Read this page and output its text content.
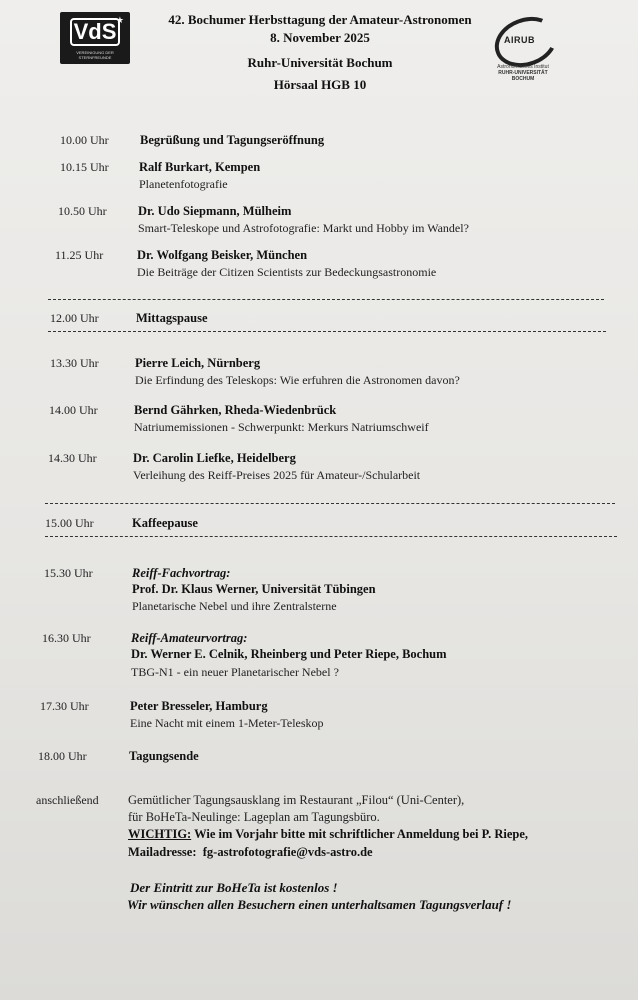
★
VdS
VEREINIGUNG DER STERNFREUNDE
AIRUB
Astronomisches Institut
RUHR-UNIVERSITÄT BOCHUM
42. Bochumer Herbsttagung der Amateur-Astronomen
8. November 2025
Ruhr-Universität Bochum
Hörsaal HGB 10
10.00 Uhr	Begrüßung und Tagungseröffnung
10.15 Uhr Ralf Burkart, Kempen
Planetenfotografie
10.50 Uhr	Dr. Udo Siepmann, Mülheim
Smart-Teleskope und Astrofotografie: Markt und Hobby im Wandel?
11.25 Uhr	Dr. Wolfgang Beisker, München
Die Beiträge der Citizen Scientists zur Bedeckungsastronomie
12.00 Uhr	Mittagspause
13.30 Uhr	Pierre Leich, Nürnberg
Die Erfindung des Teleskops: Wie erfuhren die Astronomen davon?
14.00 Uhr	Bernd Gährken, Rheda-Wiedenbrück
Natriumemissionen - Schwerpunkt: Merkurs Natriumschweif
14.30 Uhr	Dr. Carolin Liefke, Heidelberg
Verleihung des Reiff-Preises 2025 für Amateur-/Schularbeit
15.00 Uhr	Kaffeepause
15.30 Uhr	Reiff-Fachvortrag:
Prof. Dr. Klaus Werner, Universität Tübingen
Planetarische Nebel und ihre Zentralsterne
16.30 Uhr	Reiff-Amateurvortrag:
Dr. Werner E. Celnik, Rheinberg und Peter Riepe, Bochum
TBG-N1 - ein neuer Planetarischer Nebel ?
17.30 Uhr	Peter Bresseler, Hamburg
Eine Nacht mit einem 1-Meter-Teleskop
18.00 Uhr	Tagungsende
anschließend Gemütlicher Tagungsausklang im Restaurant „Filou“ (Uni-Center),
für BoHeTa-Neulinge: Lageplan am Tagungsbüro.
WICHTIG: Wie im Vorjahr bitte mit schriftlicher Anmeldung bei P. Riepe,
Mailadresse: fg-astrofotografie@vds-astro.de
Der Eintritt zur BoHeTa ist kostenlos !
Wir wünschen allen Besuchern einen unterhaltsamen Tagungsverlauf !
